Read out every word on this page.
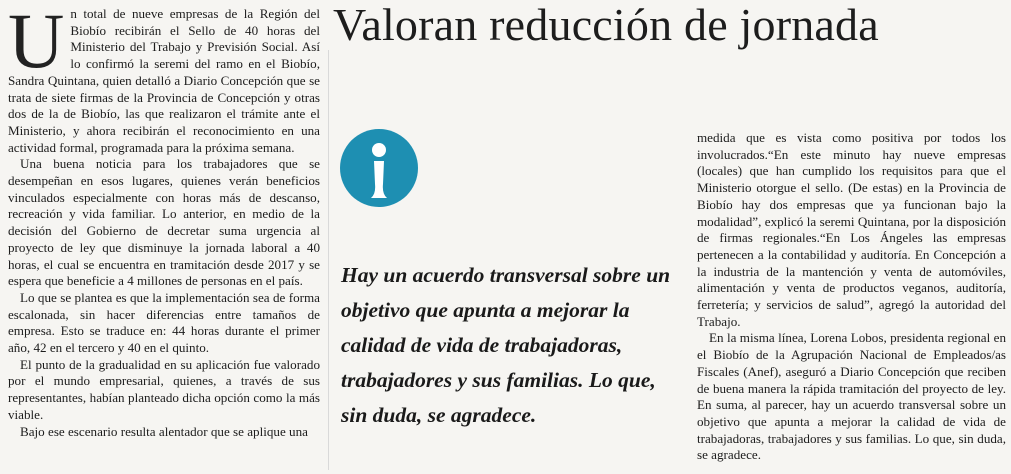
Valoran reducción de jornada

Un total de nueve empresas de la Región del Biobío recibirán el Sello de 40 horas del Ministerio del Trabajo y Previsión Social. Así lo confirmó la seremi del ramo en el Biobío, Sandra Quintana, quien detalló a Diario Concepción que se trata de siete firmas de la Provincia de Concepción y otras dos de la de Biobío, las que realizaron el trámite ante el Ministerio, y ahora recibirán el reconocimiento en una actividad formal, programada para la próxima semana.

Una buena noticia para los trabajadores que se desempeñan en esos lugares, quienes verán beneficios vinculados especialmente con horas más de descanso, recreación y vida familiar. Lo anterior, en medio de la decisión del Gobierno de decretar suma urgencia al proyecto de ley que disminuye la jornada laboral a 40 horas, el cual se encuentra en tramitación desde 2017 y se espera que beneficie a 4 millones de personas en el país.

Lo que se plantea es que la implementación sea de forma escalonada, sin hacer diferencias entre tamaños de empresa. Esto se traduce en: 44 horas durante el primer año, 42 en el tercero y 40 en el quinto.

El punto de la gradualidad en su aplicación fue valorado por el mundo empresarial, quienes, a través de sus representantes, habían planteado dicha opción como la más viable.

Bajo ese escenario resulta alentador que se aplique una

Hay un acuerdo transversal sobre un objetivo que apunta a mejorar la calidad de vida de trabajadoras, trabajadores y sus familias. Lo que, sin duda, se agradece.

medida que es vista como positiva por todos los involucrados.“En este minuto hay nueve empresas (locales) que han cumplido los requisitos para que el Ministerio otorgue el sello. (De estas) en la Provincia de Biobío hay dos empresas que ya funcionan bajo la modalidad”, explicó la seremi Quintana, por la disposición de firmas regionales.“En Los Ángeles las empresas pertenecen a la contabilidad y auditoría. En Concepción a la industria de la mantención y venta de automóviles, alimentación y venta de productos veganos, auditoría, ferretería; y servicios de salud”, agregó la autoridad del Trabajo.

En la misma línea, Lorena Lobos, presidenta regional en el Biobío de la Agrupación Nacional de Empleados/as Fiscales (Anef), aseguró a Diario Concepción que reciben de buena manera la rápida tramitación del proyecto de ley. En suma, al parecer, hay un acuerdo transversal sobre un objetivo que apunta a mejorar la calidad de vida de trabajadoras, trabajadores y sus familias. Lo que, sin duda, se agradece.
